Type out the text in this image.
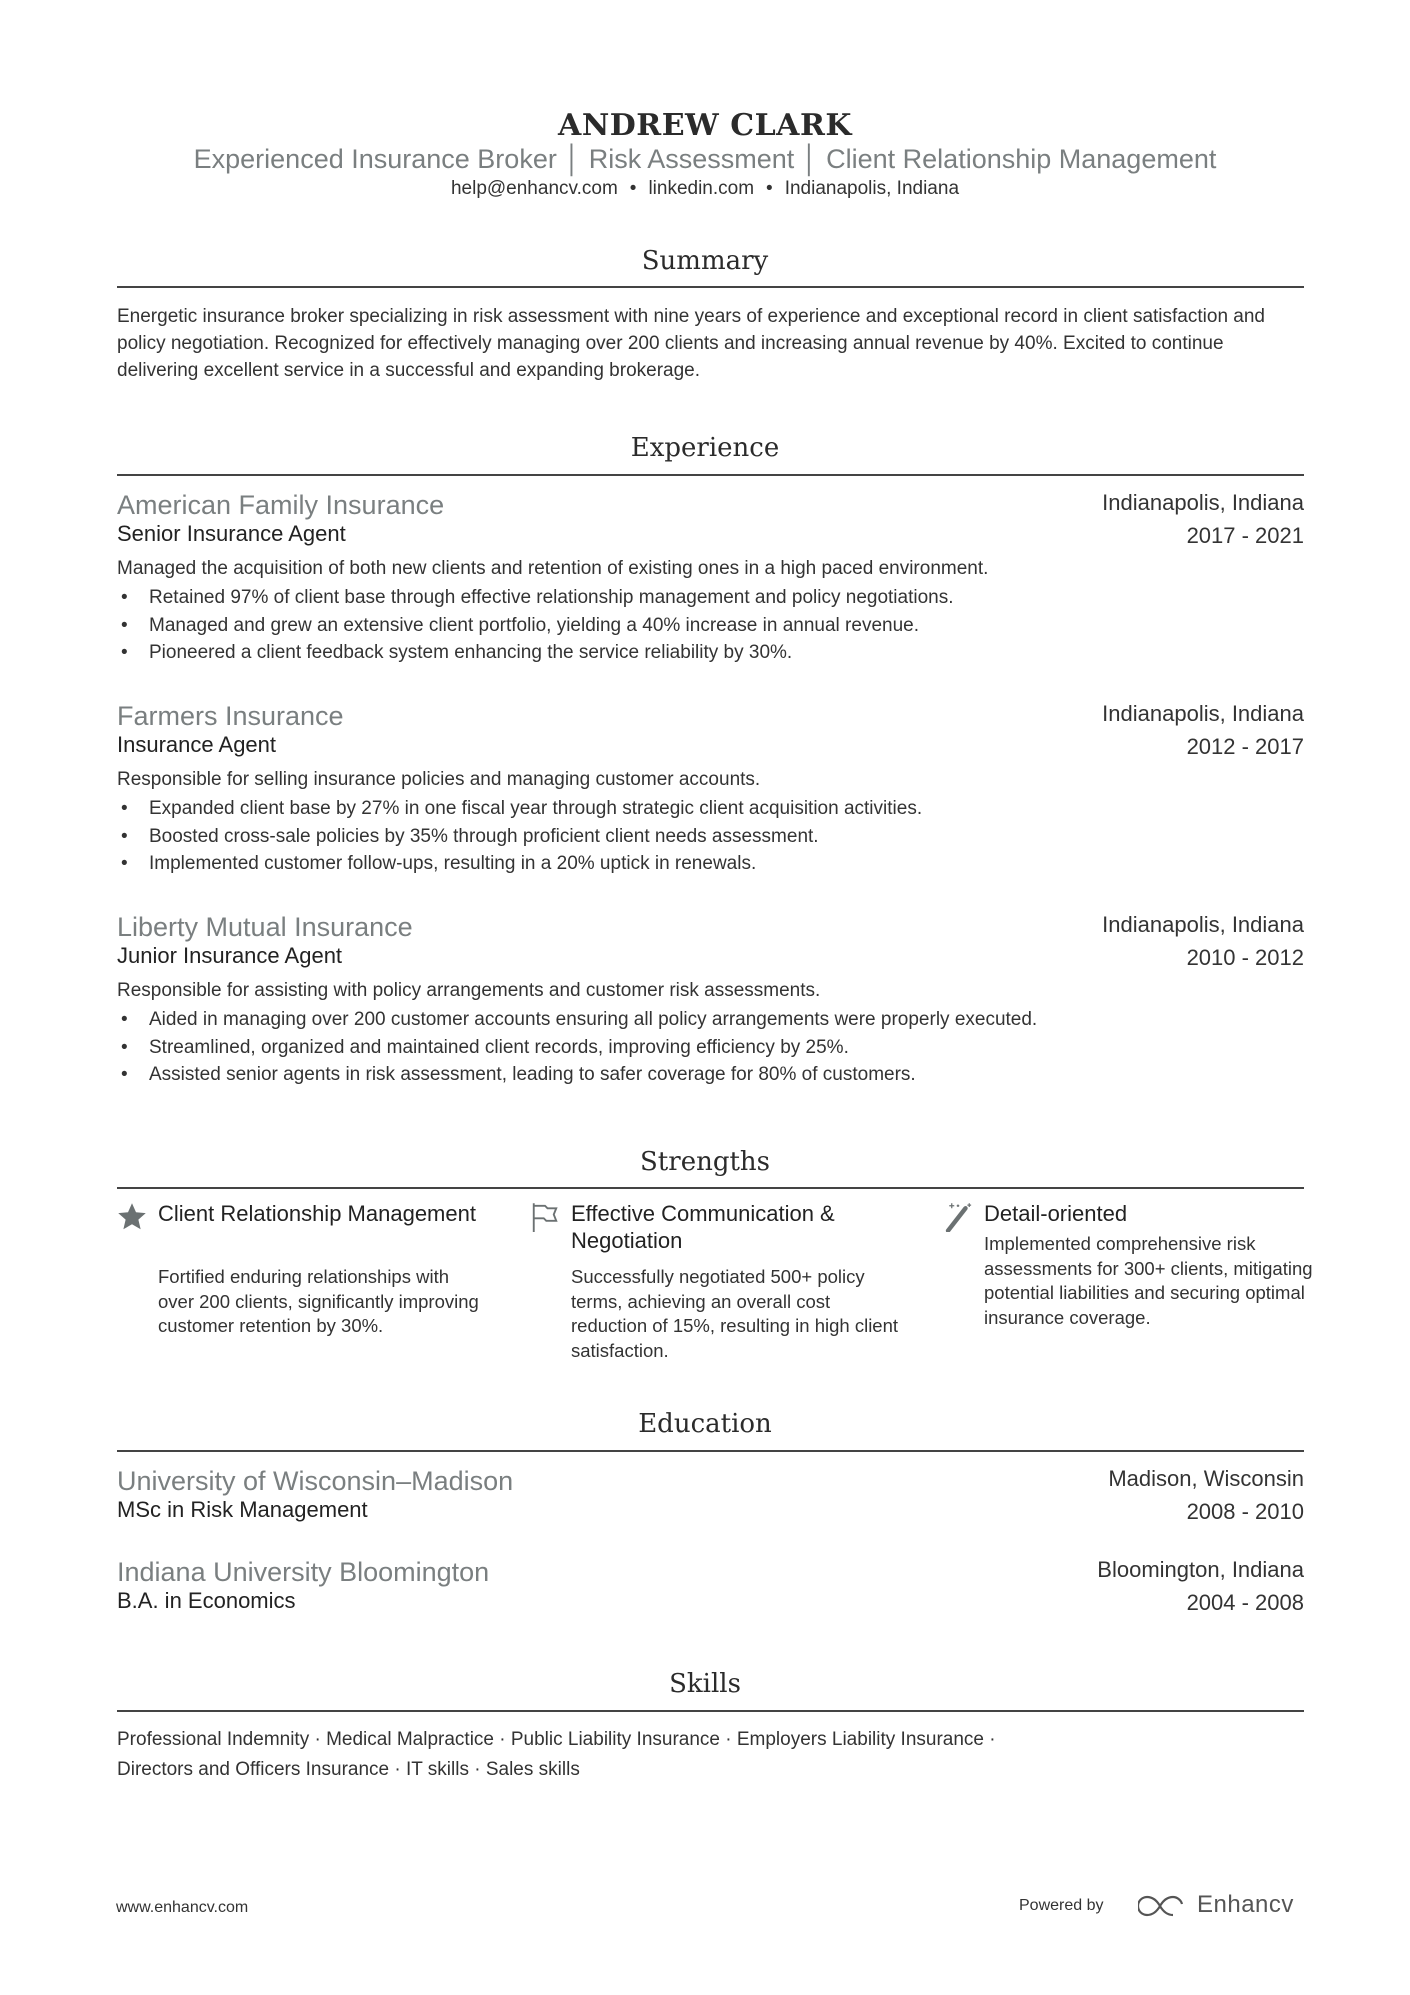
ANDREW CLARK
Experienced Insurance Broker │ Risk Assessment │ Client Relationship Management
help@enhancv.com • linkedin.com • Indianapolis, Indiana
Summary
Energetic insurance broker specializing in risk assessment with nine years of experience and exceptional record in client satisfaction and policy negotiation. Recognized for effectively managing over 200 clients and increasing annual revenue by 40%. Excited to continue delivering excellent service in a successful and expanding brokerage.
Experience
American Family Insurance	Indianapolis, Indiana
Senior Insurance Agent	2017 - 2021
Managed the acquisition of both new clients and retention of existing ones in a high paced environment.
• Retained 97% of client base through effective relationship management and policy negotiations.
• Managed and grew an extensive client portfolio, yielding a 40% increase in annual revenue.
• Pioneered a client feedback system enhancing the service reliability by 30%.
Farmers Insurance	Indianapolis, Indiana
Insurance Agent	2012 - 2017
Responsible for selling insurance policies and managing customer accounts.
• Expanded client base by 27% in one fiscal year through strategic client acquisition activities.
• Boosted cross-sale policies by 35% through proficient client needs assessment.
• Implemented customer follow-ups, resulting in a 20% uptick in renewals.
Liberty Mutual Insurance	Indianapolis, Indiana
Junior Insurance Agent	2010 - 2012
Responsible for assisting with policy arrangements and customer risk assessments.
• Aided in managing over 200 customer accounts ensuring all policy arrangements were properly executed.
• Streamlined, organized and maintained client records, improving efficiency by 25%.
• Assisted senior agents in risk assessment, leading to safer coverage for 80% of customers.
Strengths
Client Relationship Management
Fortified enduring relationships with over 200 clients, significantly improving customer retention by 30%.
Effective Communication & Negotiation
Successfully negotiated 500+ policy terms, achieving an overall cost reduction of 15%, resulting in high client satisfaction.
Detail-oriented
Implemented comprehensive risk assessments for 300+ clients, mitigating potential liabilities and securing optimal insurance coverage.
Education
University of Wisconsin–Madison	Madison, Wisconsin
MSc in Risk Management	2008 - 2010
Indiana University Bloomington	Bloomington, Indiana
B.A. in Economics	2004 - 2008
Skills
Professional Indemnity · Medical Malpractice · Public Liability Insurance · Employers Liability Insurance ·
Directors and Officers Insurance · IT skills · Sales skills
www.enhancv.com	Powered by	Enhancv
